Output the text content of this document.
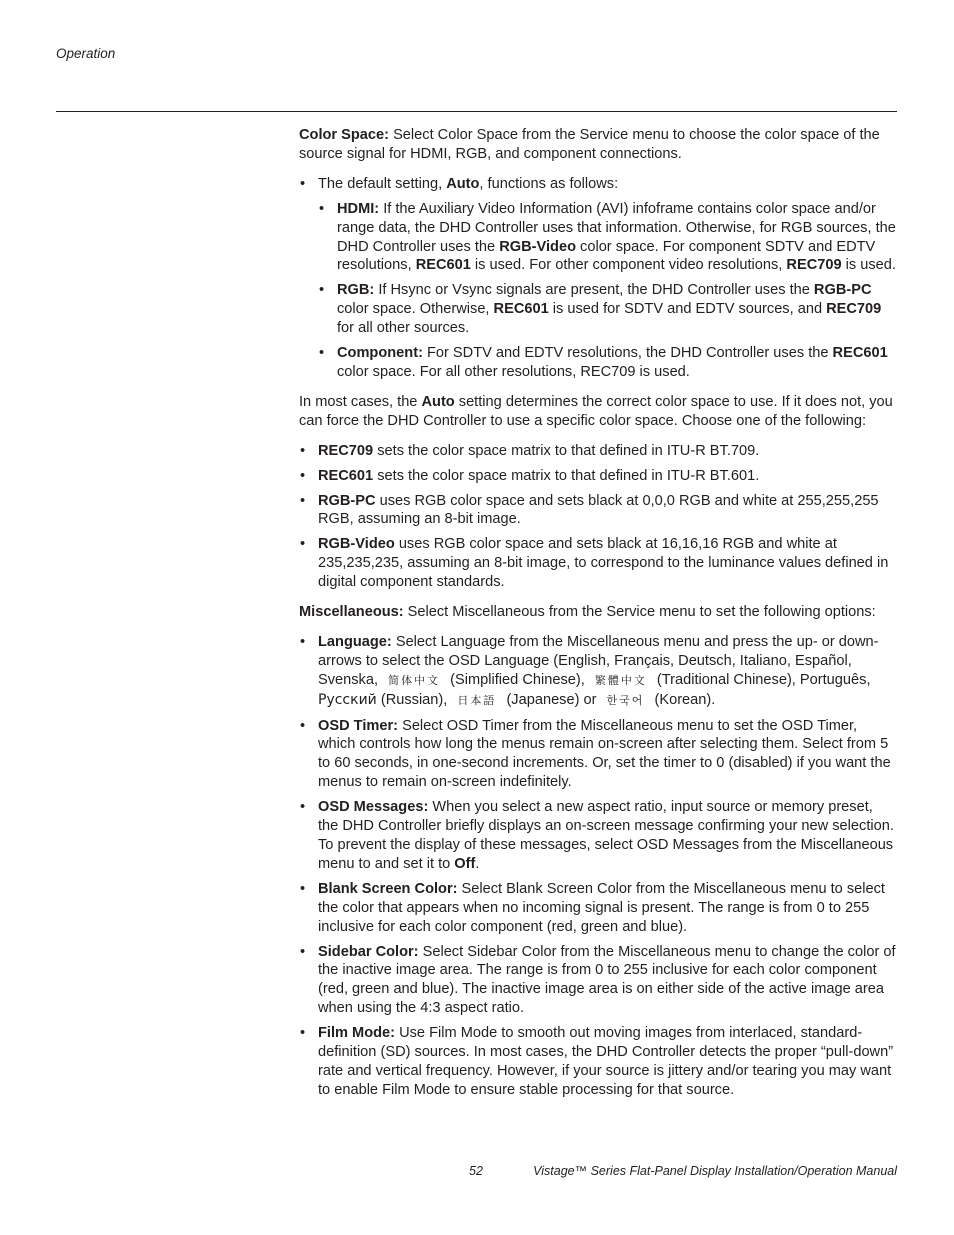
Operation

Color Space: Select Color Space from the Service menu to choose the color space of the source signal for HDMI, RGB, and component connections.

• The default setting, Auto, functions as follows:
• HDMI: If the Auxiliary Video Information (AVI) infoframe contains color space and/or range data, the DHD Controller uses that information. Otherwise, for RGB sources, the DHD Controller uses the RGB-Video color space. For component SDTV and EDTV resolutions, REC601 is used. For other component video resolutions, REC709 is used.
• RGB: If Hsync or Vsync signals are present, the DHD Controller uses the RGB-PC color space. Otherwise, REC601 is used for SDTV and EDTV sources, and REC709 for all other sources.
• Component: For SDTV and EDTV resolutions, the DHD Controller uses the REC601 color space. For all other resolutions, REC709 is used.

In most cases, the Auto setting determines the correct color space to use. If it does not, you can force the DHD Controller to use a specific color space. Choose one of the following:

• REC709 sets the color space matrix to that defined in ITU-R BT.709.
• REC601 sets the color space matrix to that defined in ITU-R BT.601.
• RGB-PC uses RGB color space and sets black at 0,0,0 RGB and white at 255,255,255 RGB, assuming an 8-bit image.
• RGB-Video uses RGB color space and sets black at 16,16,16 RGB and white at 235,235,235, assuming an 8-bit image, to correspond to the luminance values defined in digital component standards.

Miscellaneous: Select Miscellaneous from the Service menu to set the following options:

• Language: Select Language from the Miscellaneous menu and press the up- or down-arrows to select the OSD Language (English, Français, Deutsch, Italiano, Español, Svenska, 简体中文 (Simplified Chinese), 繁體中文 (Traditional Chinese), Português, Русский (Russian), 日本語 (Japanese) or 한국어 (Korean).
• OSD Timer: Select OSD Timer from the Miscellaneous menu to set the OSD Timer, which controls how long the menus remain on-screen after selecting them. Select from 5 to 60 seconds, in one-second increments. Or, set the timer to 0 (disabled) if you want the menus to remain on-screen indefinitely.
• OSD Messages: When you select a new aspect ratio, input source or memory preset, the DHD Controller briefly displays an on-screen message confirming your new selection. To prevent the display of these messages, select OSD Messages from the Miscellaneous menu to and set it to Off.
• Blank Screen Color: Select Blank Screen Color from the Miscellaneous menu to select the color that appears when no incoming signal is present. The range is from 0 to 255 inclusive for each color component (red, green and blue).
• Sidebar Color: Select Sidebar Color from the Miscellaneous menu to change the color of the inactive image area. The range is from 0 to 255 inclusive for each color component (red, green and blue). The inactive image area is on either side of the active image area when using the 4:3 aspect ratio.
• Film Mode: Use Film Mode to smooth out moving images from interlaced, standard-definition (SD) sources. In most cases, the DHD Controller detects the proper “pull-down” rate and vertical frequency. However, if your source is jittery and/or tearing you may want to enable Film Mode to ensure stable processing for that source.
52	Vistage™ Series Flat-Panel Display Installation/Operation Manual
